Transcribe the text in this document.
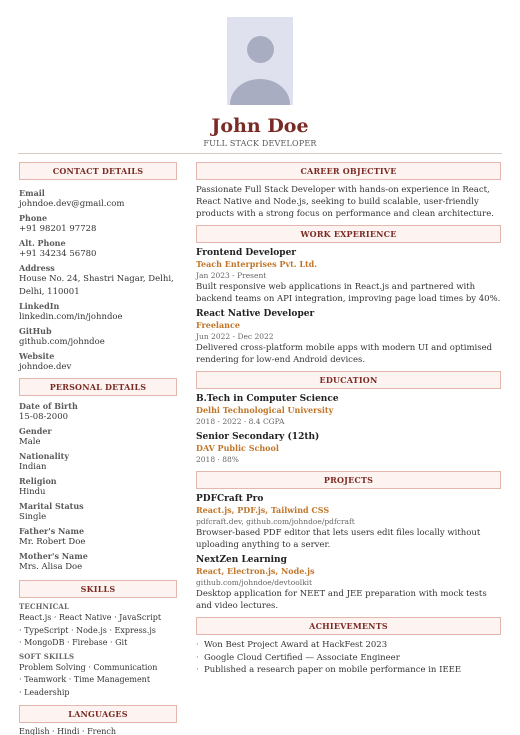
John Doe
FULL STACK DEVELOPER
CONTACT DETAILS
Email
johndoe.dev@gmail.com
Phone
+91 98201 97728
Alt. Phone
+91 34234 56780
Address
House No. 24, Shastri Nagar, Delhi, Delhi, 110001
LinkedIn
linkedin.com/in/johndoe
GitHub
github.com/johndoe
Website
johndoe.dev
PERSONAL DETAILS
Date of Birth
15-08-2000
Gender
Male
Nationality
Indian
Religion
Hindu
Marital Status
Single
Father's Name
Mr. Robert Doe
Mother's Name
Mrs. Alisa Doe
SKILLS
TECHNICAL
React.js · React Native · JavaScript
· TypeScript · Node.js · Express.js
· MongoDB · Firebase · Git
SOFT SKILLS
Problem Solving · Communication
· Teamwork · Time Management
· Leadership
LANGUAGES
English · Hindi · French
CAREER OBJECTIVE
Passionate Full Stack Developer with hands-on experience in React, React Native and Node.js, seeking to build scalable, user-friendly products with a strong focus on performance and clean architecture.
WORK EXPERIENCE
Frontend Developer
Teach Enterprises Pvt. Ltd.
Jan 2023 - Present
Built responsive web applications in React.js and partnered with backend teams on API integration, improving page load times by 40%.
React Native Developer
Freelance
Jun 2022 - Dec 2022
Delivered cross-platform mobile apps with modern UI and optimised rendering for low-end Android devices.
EDUCATION
B.Tech in Computer Science
Delhi Technological University
2018 - 2022 · 8.4 CGPA
Senior Secondary (12th)
DAV Public School
2018 · 88%
PROJECTS
PDFCraft Pro
React.js, PDF.js, Tailwind CSS
pdfcraft.dev, github.com/johndoe/pdfcraft
Browser-based PDF editor that lets users edit files locally without uploading anything to a server.
NextZen Learning
React, Electron.js, Node.js
github.com/johndoe/devtoolkit
Desktop application for NEET and JEE preparation with mock tests and video lectures.
ACHIEVEMENTS
· Won Best Project Award at HackFest 2023
· Google Cloud Certified — Associate Engineer
· Published a research paper on mobile performance in IEEE
